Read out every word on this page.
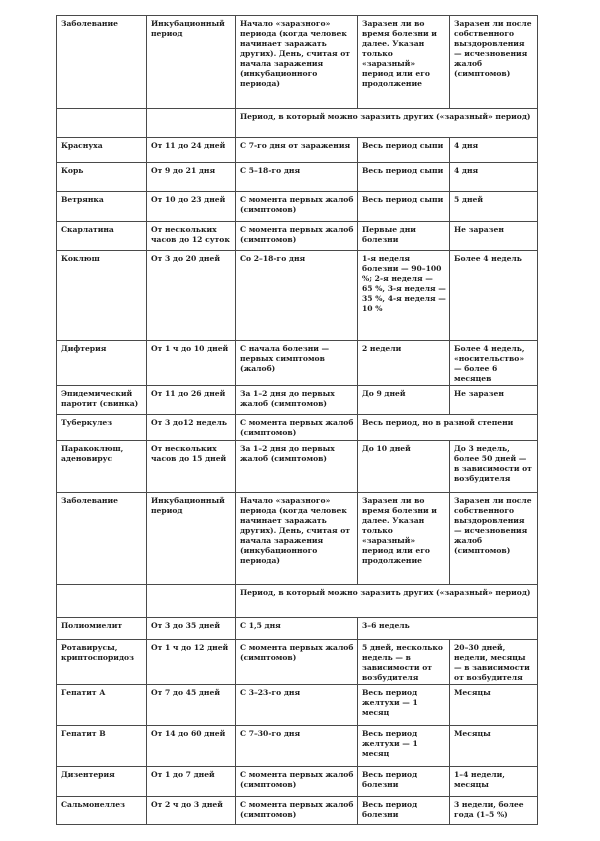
Заболевание	Инкубационный период	Начало «заразного» периода (когда человек начинает заражать других). День, считая от начала заражения (инкубационного периода)	Заразен ли во время болезни и далее. Указан только «заразный» период или его продолжение	Заразен ли после собственного выздоровления — исчезновения жалоб (симптомов)
		Период, в который можно заразить других («заразный» период)		
Краснуха	От 11 до 24 дней	С 7-го дня от заражения	Весь период сыпи	4 дня
Корь	От 9 до 21 дня	С 5–18-го дня	Весь период сыпи	4 дня
Ветрянка	От 10 до 23 дней	С момента первых жалоб (симптомов)	Весь период сыпи	5 дней
Скарлатина	От нескольких часов до 12 суток	С момента первых жалоб (симптомов)	Первые дни болезни	Не заразен
Коклюш	От 3 до 20 дней	Со 2–18-го дня	1-я неделя болезни — 90–100 %; 2-я неделя — 65 %, 3-я неделя — 35 %, 4-я неделя — 10 %	Более 4 недель
Дифтерия	От 1 ч до 10 дней	С начала болезни — первых симптомов (жалоб)	2 недели	Более 4 недель, «носительство» — более 6 месяцев
Эпидемический паротит (свинка)	От 11 до 26 дней	За 1–2 дня до первых жалоб (симптомов)	До 9 дней	Не заразен
Туберкулез	От 3 до12 недель	С момента первых жалоб (симптомов)	Весь период, но в разной степени	
Паракоклюш, аденовирус	От нескольких часов до 15 дней	За 1–2 дня до первых жалоб (симптомов)	До 10 дней	До 3 недель, более 50 дней — в зависимости от возбудителя
Заболевание	Инкубационный период	Начало «заразного» периода (когда человек начинает заражать других). День, считая от начала заражения (инкубационного периода)	Заразен ли во время болезни и далее. Указан только «заразный» период или его продолжение	Заразен ли после собственного выздоровления — исчезновения жалоб (симптомов)
		Период, в который можно заразить других («заразный» период)		
Полиомиелит	От 3 до 35 дней	С 1,5 дня	3–6 недель	
Ротавирусы, криптоспоридоз	От 1 ч до 12 дней	С момента первых жалоб (симптомов)	5 дней, несколько недель — в зависимости от возбудителя	20–30 дней, недели, месяцы — в зависимости от возбудителя
Гепатит А	От 7 до 45 дней	С 3–23-го дня	Весь период желтухи — 1 месяц	Месяцы
Гепатит В	От 14 до 60 дней	С 7–30-го дня	Весь период желтухи — 1 месяц	Месяцы
Дизентерия	От 1 до 7 дней	С момента первых жалоб (симптомов)	Весь период болезни	1–4 недели, месяцы
Сальмонеллез	От 2 ч до 3 дней	С момента первых жалоб (симптомов)	Весь период болезни	3 недели, более года (1–5 %)
